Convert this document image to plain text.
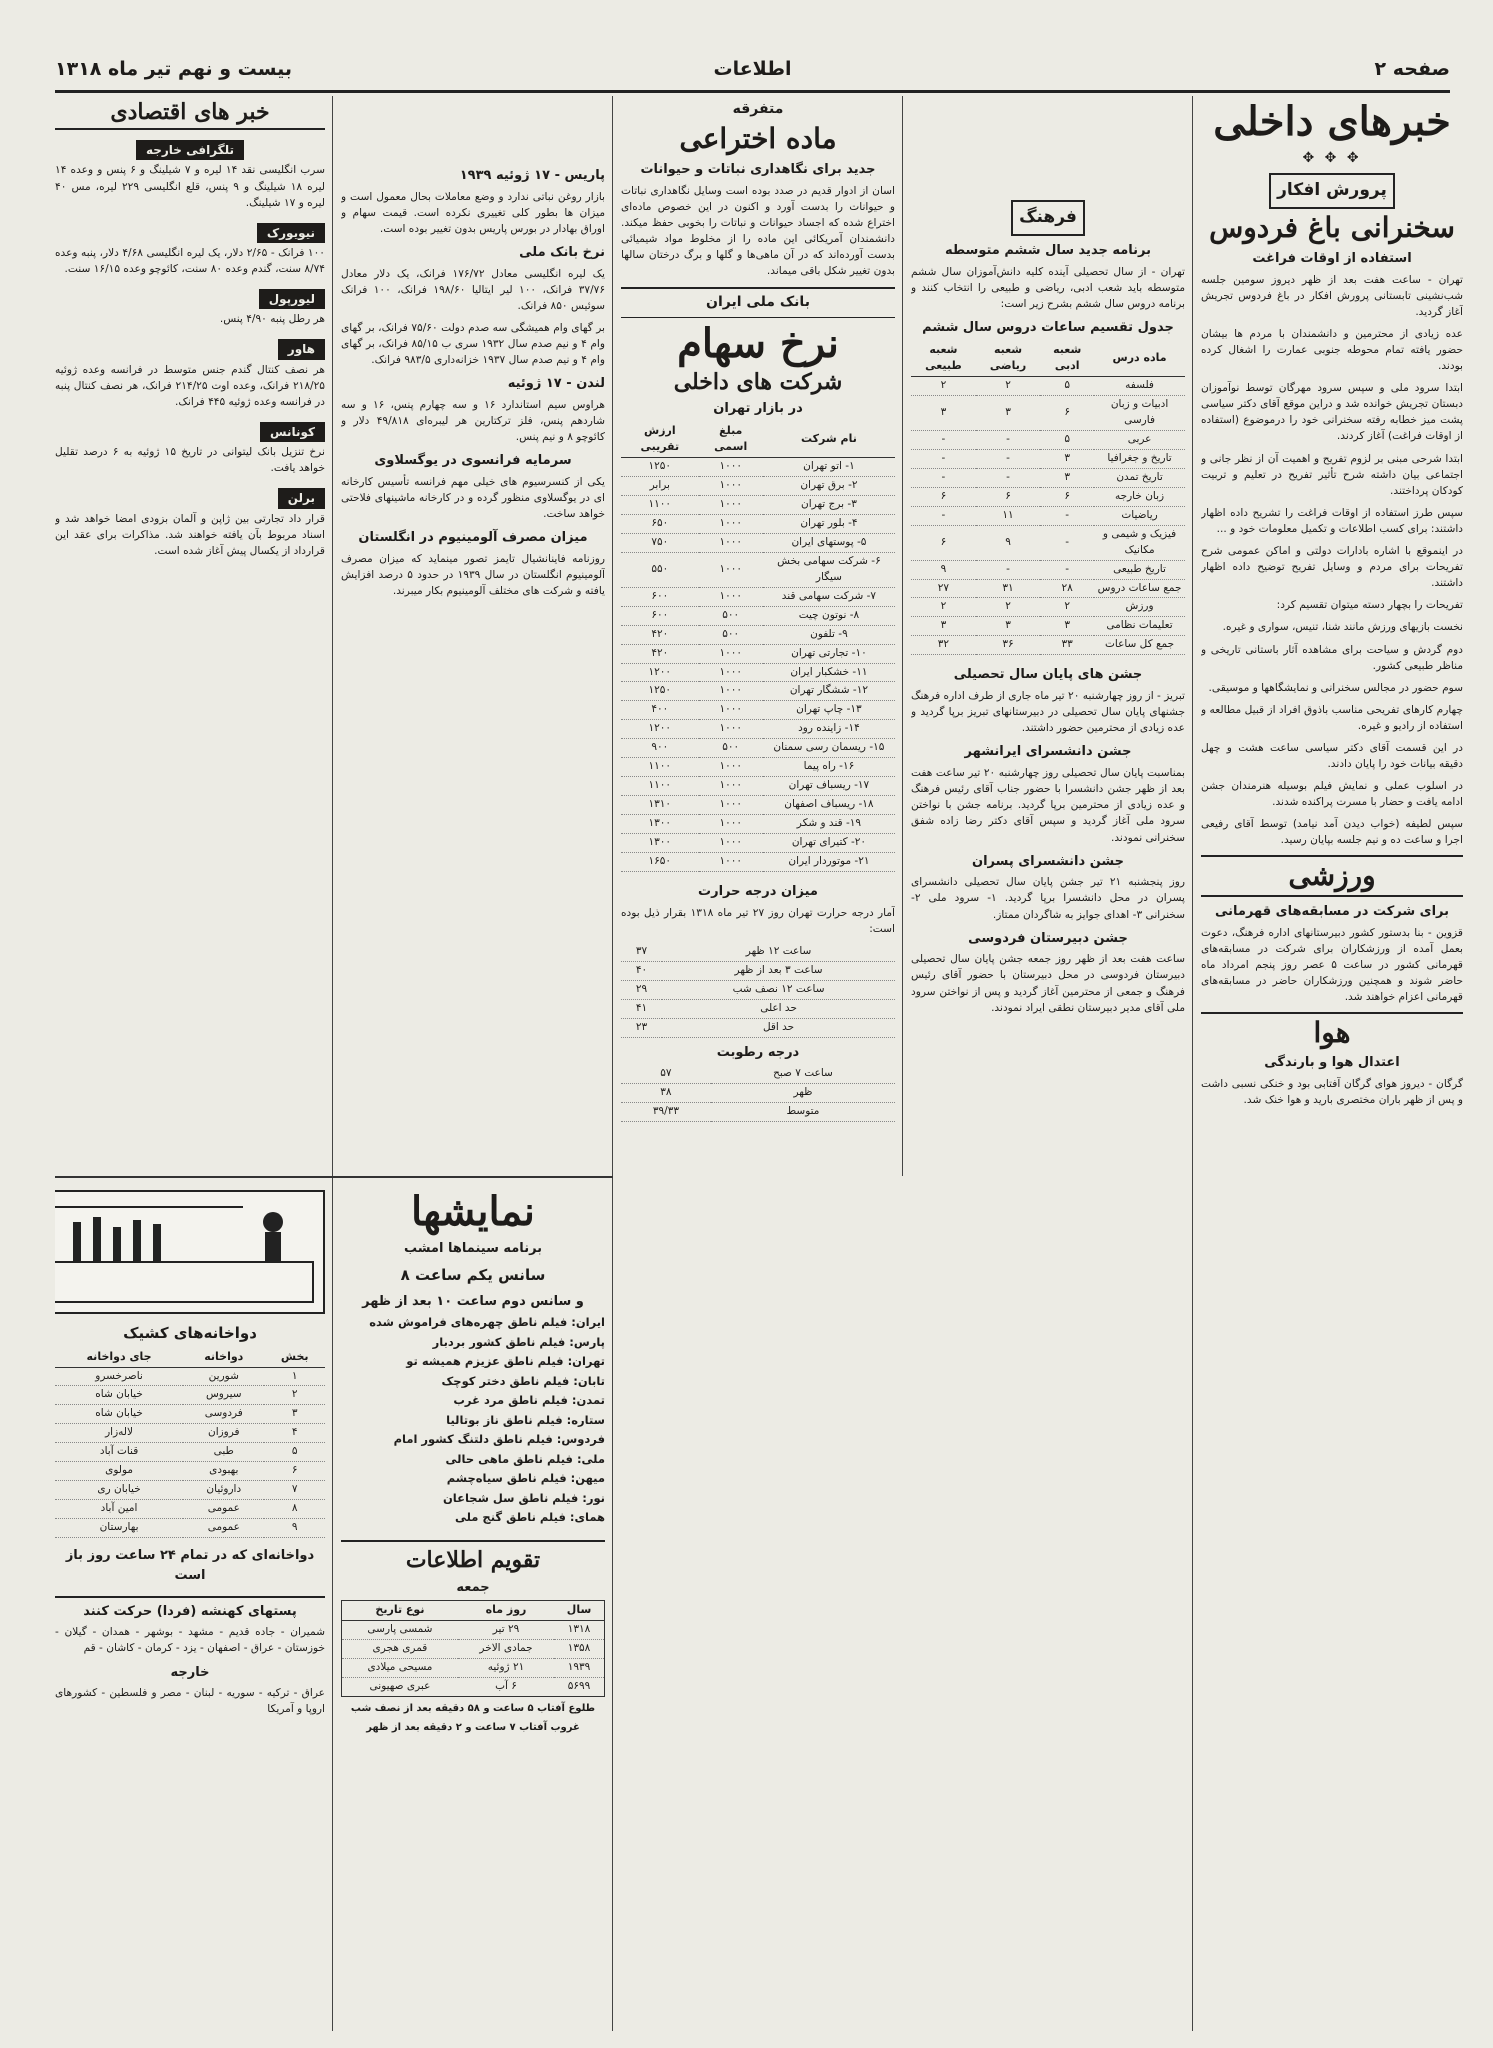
صفحه ۲
اطلاعات
بیست و نهم تیر ماه ۱۳۱۸
خبرهای داخلی
✥ ✥ ✥
پرورش افکار
سخنرانی باغ فردوس
استفاده از اوقات فراغت

تهران - ساعت هفت بعد از ظهر دیروز سومین جلسه شب‌نشینی تابستانی پرورش افکار در باغ فردوس تجریش آغاز گردید.

عده زیادی از محترمین و دانشمندان با مردم ها بیشان حضور یافته تمام محوطه جنوبی عمارت را اشغال کرده بودند.

ابتدا سرود ملی و سپس سرود مهرگان توسط نوآموزان دبستان تجریش خوانده شد و دراین موقع آقای دکتر سیاسی پشت میز خطابه رفته سخنرانی خود را درموضوع (استفاده از اوقات فراغت) آغاز کردند.

ابتدا شرحی مبنی بر لزوم تفریح و اهمیت آن از نظر جانی و اجتماعی بیان داشته شرح تأثیر تفریح در تعلیم و تربیت کودکان پرداختند.

سپس طرز استفاده از اوقات فراغت را تشریح داده اظهار داشتند: برای کسب اطلاعات و تکمیل معلومات خود و ...

در اینموقع با اشاره بادارات دولتی و اماکن عمومی شرح تفریحات برای مردم و وسایل تفریح توضیح داده اظهار داشتند.

تفریحات را بچهار دسته میتوان تقسیم کرد:

نخست بازیهای ورزش مانند شنا، تنیس، سواری و غیره.

دوم گردش و سیاحت برای مشاهده آثار باستانی تاریخی و مناظر طبیعی کشور.

سوم حضور در مجالس سخنرانی و نمایشگاهها و موسیقی.

چهارم کارهای تفریحی مناسب باذوق افراد از قبیل مطالعه و استفاده از رادیو و غیره.

در این قسمت آقای دکتر سیاسی ساعت هشت و چهل دقیقه بیانات خود را پایان دادند.

در اسلوب عملی و نمایش فیلم بوسیله هنرمندان جشن ادامه یافت و حضار با مسرت پراکنده شدند.

سپس لطیفه (خواب دیدن آمد نیامد) توسط آقای رفیعی اجرا و ساعت ده و نیم جلسه بپایان رسید.

ورزشی
برای شرکت در مسابقه‌های قهرمانی

قزوین - بنا بدستور کشور دبیرستانهای اداره فرهنگ، دعوت بعمل آمده از ورزشکاران برای شرکت در مسابقه‌های قهرمانی کشور در ساعت ۵ عصر روز پنجم امرداد ماه حاضر شوند و همچنین ورزشکاران حاضر در مسابقه‌های قهرمانی اعزام خواهند شد.

هوا
اعتدال هوا و بارندگی

گرگان - دیروز هوای گرگان آفتابی بود و خنکی نسبی داشت و پس از ظهر باران مختصری بارید و هوا خنک شد.

فرهنگ
برنامه جدید سال ششم متوسطه

تهران - از سال تحصیلی آینده کلیه دانش‌آموزان سال ششم متوسطه باید شعب ادبی، ریاضی و طبیعی را انتخاب کنند و برنامه دروس سال ششم بشرح زیر است:

جدول تقسیم ساعات دروس سال ششم
ماده درس	شعبه ادبی	شعبه ریاضی	شعبه طبیعی
فلسفه	۵	۲	۲
ادبیات و زبان فارسی	۶	۳	۳
عربی	۵	-	-
تاریخ و جغرافیا	۳	-	-
تاریخ تمدن	۳	-	-
زبان خارجه	۶	۶	۶
ریاضیات	-	۱۱	-
فیزیک و شیمی و مکانیک	-	۹	۶
تاریخ طبیعی	-	-	۹
جمع ساعات دروس	۲۸	۳۱	۲۷
ورزش	۲	۲	۲
تعلیمات نظامی	۳	۳	۳
جمع کل ساعات	۳۳	۳۶	۳۲
جشن های پایان سال تحصیلی

تبریز - از روز چهارشنبه ۲۰ تیر ماه جاری از طرف اداره فرهنگ جشنهای پایان سال تحصیلی در دبیرستانهای تبریز برپا گردید و عده زیادی از محترمین حضور داشتند.

جشن دانشسرای ایرانشهر

بمناسبت پایان سال تحصیلی روز چهارشنبه ۲۰ تیر ساعت هفت بعد از ظهر جشن دانشسرا با حضور جناب آقای رئیس فرهنگ و عده زیادی از محترمین برپا گردید. برنامه جشن با نواختن سرود ملی آغاز گردید و سپس آقای دکتر رضا زاده شفق سخنرانی نمودند.

جشن دانشسرای پسران

روز پنجشنبه ۲۱ تیر جشن پایان سال تحصیلی دانشسرای پسران در محل دانشسرا برپا گردید. ۱- سرود ملی ۲- سخنرانی ۳- اهدای جوایز به شاگردان ممتاز.

جشن دبیرستان فردوسی

ساعت هفت بعد از ظهر روز جمعه جشن پایان سال تحصیلی دبیرستان فردوسی در محل دبیرستان با حضور آقای رئیس فرهنگ و جمعی از محترمین آغاز گردید و پس از نواختن سرود ملی آقای مدیر دبیرستان نطقی ایراد نمودند.

متفرقه
ماده اختراعی
جدید برای نگاهداری نباتات و حیوانات

اسان از ادوار قدیم در صدد بوده است وسایل نگاهداری نباتات و حیوانات را بدست آورد و اکنون در این خصوص ماده‌ای اختراع شده که اجساد حیوانات و نباتات را بخوبی حفظ میکند. دانشمندان آمریکائی این ماده را از مخلوط مواد شیمیائی بدست آورده‌اند که در آن ماهی‌ها و گلها و برگ درختان سالها بدون تغییر شکل باقی میماند.

بانک ملی ایران
نرخ سهام
شرکت های داخلی
در بازار تهران
نام شرکت	مبلغ اسمی	ارزش تقریبی
۱- اتو تهران	۱۰۰۰	۱۲۵۰
۲- برق تهران	۱۰۰۰	برابر
۳- برج تهران	۱۰۰۰	۱۱۰۰
۴- بلور تهران	۱۰۰۰	۶۵۰
۵- پوستهای ایران	۱۰۰۰	۷۵۰
۶- شرکت سهامی بخش سیگار	۱۰۰۰	۵۵۰
۷- شرکت سهامی قند	۱۰۰۰	۶۰۰
۸- نوتون چیت	۵۰۰	۶۰۰
۹- تلفون	۵۰۰	۴۲۰
۱۰- تجارتی تهران	۱۰۰۰	۴۲۰
۱۱- خشکبار ایران	۱۰۰۰	۱۲۰۰
۱۲- ششگار تهران	۱۰۰۰	۱۲۵۰
۱۳- چاپ تهران	۱۰۰۰	۴۰۰
۱۴- زاینده رود	۱۰۰۰	۱۲۰۰
۱۵- ریسمان رسی سمنان	۵۰۰	۹۰۰
۱۶- راه پیما	۱۰۰۰	۱۱۰۰
۱۷- ریسباف تهران	۱۰۰۰	۱۱۰۰
۱۸- ریسباف اصفهان	۱۰۰۰	۱۳۱۰
۱۹- قند و شکر	۱۰۰۰	۱۳۰۰
۲۰- کتیرای تهران	۱۰۰۰	۱۳۰۰
۲۱- موتوردار ایران	۱۰۰۰	۱۶۵۰
میزان درجه حرارت

آمار درجه حرارت تهران روز ۲۷ تیر ماه ۱۳۱۸ بقرار ذیل بوده است:

ساعت ۱۲ ظهر	۳۷
ساعت ۳ بعد از ظهر	۴۰
ساعت ۱۲ نصف شب	۲۹
حد اعلی	۴۱
حد اقل	۲۳
درجه رطوبت
ساعت ۷ صبح	۵۷
ظهر	۳۸
متوسط	۳۹/۳۳
پاریس - ۱۷ ژوئیه ۱۹۳۹

بازار روغن نباتی ندارد و وضع معاملات بحال معمول است و میزان ها بطور کلی تغییری نکرده است. قیمت سهام و اوراق بهادار در بورس پاریس بدون تغییر بوده است.

نرخ بانک ملی

یک لیره انگلیسی معادل ۱۷۶/۷۲ فرانک، یک دلار معادل ۳۷/۷۶ فرانک، ۱۰۰ لیر ایتالیا ۱۹۸/۶۰ فرانک، ۱۰۰ فرانک سوئیس ۸۵۰ فرانک.

بر گهای وام همیشگی سه صدم دولت ۷۵/۶۰ فرانک، بر گهای وام ۴ و نیم صدم سال ۱۹۳۲ سری ب ۸۵/۱۵ فرانک، بر گهای وام ۴ و نیم صدم سال ۱۹۳۷ خزانه‌داری ۹۸۳/۵ فرانک.

لندن - ۱۷ ژوئیه

هراوس سیم استاندارد ۱۶ و سه چهارم پنس، ۱۶ و سه شاردهم پنس، فلز ترکتارین هر لیبره‌ای ۴۹/۸۱۸ دلار و کائوچو ۸ و نیم پنس.

سرمایه فرانسوی در یوگسلاوی

یکی از کنسرسیوم های خیلی مهم فرانسه تأسیس کارخانه ای در یوگسلاوی منظور گرده و در کارخانه ماشینهای فلاحتی خواهد ساخت.

میزان مصرف آلومینیوم در انگلستان

روزنامه فاینانشیال تایمز تصور مینماید که میزان مصرف آلومینیوم انگلستان در سال ۱۹۳۹ در حدود ۵ درصد افزایش یافته و شرکت های مختلف آلومینیوم بکار میبرند.

خبر های اقتصادی
تلگرافی خارجه

سرب انگلیسی نقد ۱۴ لیره و ۷ شیلینگ و ۶ پنس و وعده ۱۴ لیره ۱۸ شیلینگ و ۹ پنس، قلع انگلیسی ۲۲۹ لیره، مس ۴۰ لیره و ۱۷ شیلینگ.

نیویورک

۱۰۰ فرانک - ۲/۶۵ دلار، یک لیره انگلیسی ۴/۶۸ دلار، پنبه وعده ۸/۷۴ سنت، گندم وعده ۸۰ سنت، کائوچو وعده ۱۶/۱۵ سنت.

لیورپول

هر رطل پنبه ۴/۹۰ پنس.

هاور

هر نصف کنتال گندم جنس متوسط در فرانسه وعده ژوئیه ۲۱۸/۲۵ فرانک، وعده اوت ۲۱۴/۲۵ فرانک، هر نصف کنتال پنبه در فرانسه وعده ژوئیه ۴۴۵ فرانک.

کونانس

نرخ تنزیل بانک لیتوانی در تاریخ ۱۵ ژوئیه به ۶ درصد تقلیل خواهد یافت.

برلن

قرار داد تجارتی بین ژاپن و آلمان بزودی امضا خواهد شد و اسناد مربوط بآن یافته خواهند شد. مذاکرات برای عقد این قرارداد از یکسال پیش آغاز شده است.

نمایشها
برنامه سینماها امشب
سانس یکم ساعت ۸
و سانس دوم ساعت ۱۰ بعد از ظهر
ایران: فیلم ناطق چهره‌های فراموش شده
پارس: فیلم ناطق کشور بردبار
تهران: فیلم ناطق عزیزم همیشه تو
تابان: فیلم ناطق دختر کوچک
تمدن: فیلم ناطق مرد غرب
ستاره: فیلم ناطق ناز بوتالیا
فردوس: فیلم ناطق دلتنگ کشور امام
ملی: فیلم ناطق ماهی حالی
میهن: فیلم ناطق سیاه‌چشم
نور: فیلم ناطق سل شجاعان
همای: فیلم ناطق گنج ملی
تقویم اطلاعات
جمعه
سال	روز ماه	نوع تاریخ
۱۳۱۸	۲۹ تیر	شمسی پارسی
۱۳۵۸	جمادی الاخر	قمری هجری
۱۹۳۹	۲۱ ژوئیه	مسیحی میلادی
۵۶۹۹	۶ آب	عبری صهیونی
طلوع آفتاب ۵ ساعت و ۵۸ دقیقه بعد از نصف شب
غروب آفتاب ۷ ساعت و ۲ دقیقه بعد از ظهر
دواخانه‌های کشیک
بخش	دواخانه	جای دواخانه
۱	شورین	ناصرخسرو
۲	سیروس	خیابان شاه
۳	فردوسی	خیابان شاه
۴	فروزان	لاله‌زار
۵	طبی	قنات آباد
۶	بهبودی	مولوی
۷	داروئیان	خیابان ری
۸	عمومی	امین آباد
۹	عمومی	بهارستان
دواخانه‌ای که در تمام ۲۴ ساعت روز باز است
پستهای کهنشه (فردا) حرکت کنند

شمیران - جاده قدیم - مشهد - بوشهر - همدان - گیلان - خوزستان - عراق - اصفهان - یزد - کرمان - کاشان - قم

خارجه

عراق - ترکیه - سوریه - لبنان - مصر و فلسطین - کشورهای اروپا و آمریکا
